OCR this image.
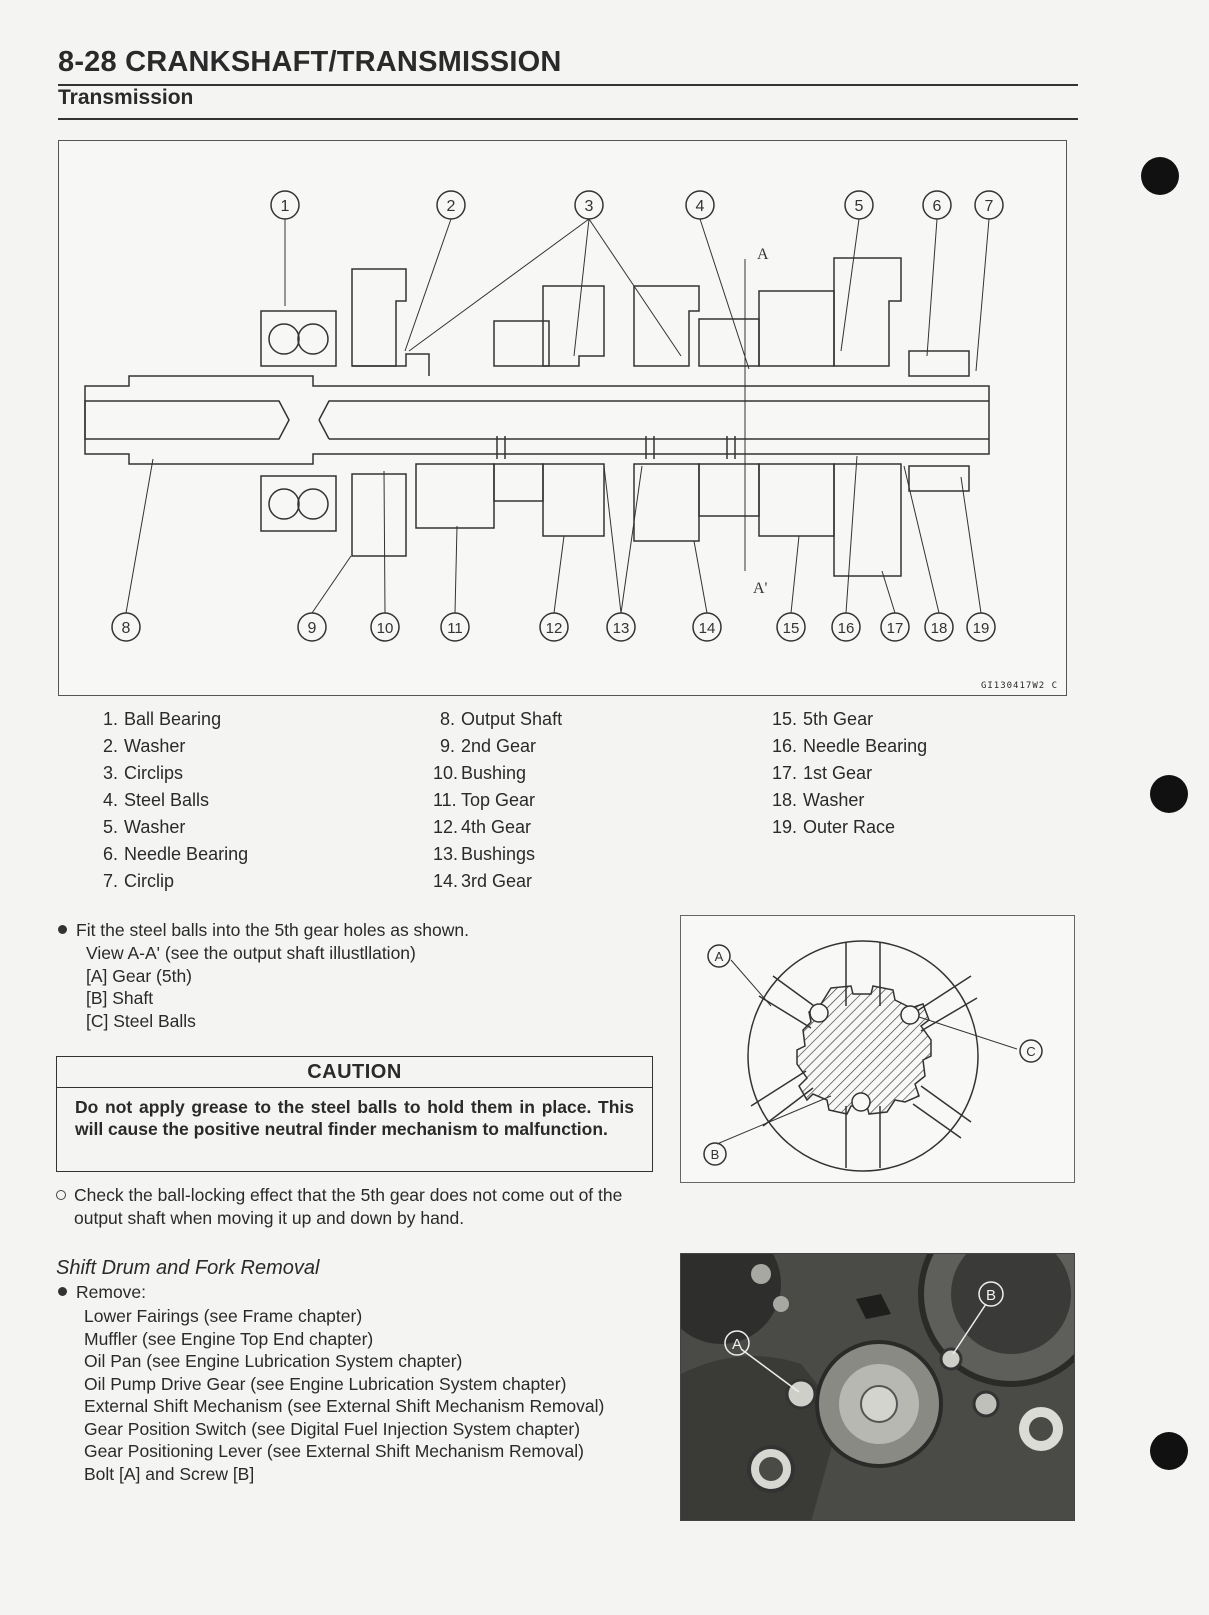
8-28 CRANKSHAFT/TRANSMISSION
Transmission
A
A'
1	2	3	4	5	6	7
8	9	10	11	12	13	14	15	16 17 18 19
GI130417W2 C
1. Ball Bearing
2. Washer
3. Circlips
4. Steel Balls
5. Washer
6. Needle Bearing
7. Circlip
8. Output Shaft
9. 2nd Gear
10. Bushing
11. Top Gear
12. 4th Gear
13. Bushings
14. 3rd Gear
15. 5th Gear
16. Needle Bearing
17. 1st Gear
18. Washer
19. Outer Race
Fit the steel balls into the 5th gear holes as shown.
View A-A' (see the output shaft illustllation)
[A] Gear (5th)
[B] Shaft
[C] Steel Balls
CAUTION
Do not apply grease to the steel balls to hold them in place. This will cause the positive neutral finder mechanism to malfunction.
Check the ball-locking effect that the 5th gear does not come out of the output shaft when moving it up and down by hand.
Shift Drum and Fork Removal
Remove:
Lower Fairings (see Frame chapter)
Muffler (see Engine Top End chapter)
Oil Pan (see Engine Lubrication System chapter)
Oil Pump Drive Gear (see Engine Lubrication System chapter)
External Shift Mechanism (see External Shift Mechanism Removal)
Gear Position Switch (see Digital Fuel Injection System chapter)
Gear Positioning Lever (see External Shift Mechanism Removal)
Bolt [A] and Screw [B]
A
B
C
A
B
